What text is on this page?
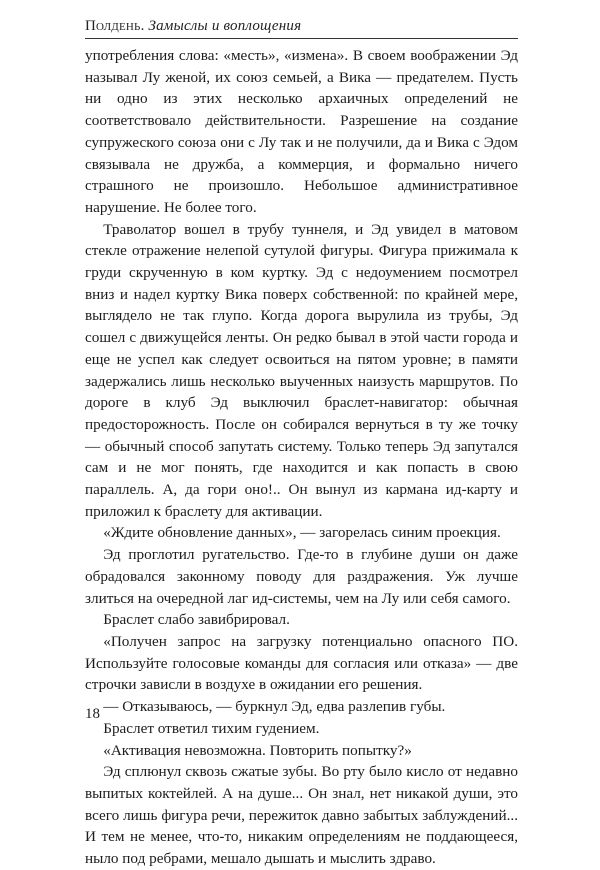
Полдень. Замыслы и воплощения

употребления слова: «месть», «измена». В своем воображении Эд называл Лу женой, их союз семьей, а Вика — предателем. Пусть ни одно из этих несколько архаичных определений не соответствовало действительности. Разрешение на создание супружеского союза они с Лу так и не получили, да и Вика с Эдом связывала не дружба, а коммерция, и формально ничего страшного не произошло. Небольшое административное нарушение. Не более того.

Траволатор вошел в трубу туннеля, и Эд увидел в матовом стекле отражение нелепой сутулой фигуры. Фигура прижимала к груди скрученную в ком куртку. Эд с недоумением посмотрел вниз и надел куртку Вика поверх собственной: по крайней мере, выглядело не так глупо. Когда дорога вырулила из трубы, Эд сошел с движущейся ленты. Он редко бывал в этой части города и еще не успел как следует освоиться на пятом уровне; в памяти задержались лишь несколько выученных наизусть маршрутов. По дороге в клуб Эд выключил браслет-навигатор: обычная предосторожность. После он собирался вернуться в ту же точку — обычный способ запутать систему. Только теперь Эд запутался сам и не мог понять, где находится и как попасть в свою параллель. А, да гори оно!.. Он вынул из кармана ид-карту и приложил к браслету для активации.

«Ждите обновление данных», — загорелась синим проекция.

Эд проглотил ругательство. Где-то в глубине души он даже обрадовался законному поводу для раздражения. Уж лучше злиться на очередной лаг ид-системы, чем на Лу или себя самого.

Браслет слабо завибрировал.

«Получен запрос на загрузку потенциально опасного ПО. Используйте голосовые команды для согласия или отказа» — две строчки зависли в воздухе в ожидании его решения.

— Отказываюсь, — буркнул Эд, едва разлепив губы.

Браслет ответил тихим гудением.

«Активация невозможна. Повторить попытку?»

Эд сплюнул сквозь сжатые зубы. Во рту было кисло от недавно выпитых коктейлей. А на душе... Он знал, нет никакой души, это всего лишь фигура речи, пережиток давно забытых заблуждений... И тем не менее, что-то, никаким определениям не поддающееся, ныло под ребрами, мешало дышать и мыслить здраво.

18
